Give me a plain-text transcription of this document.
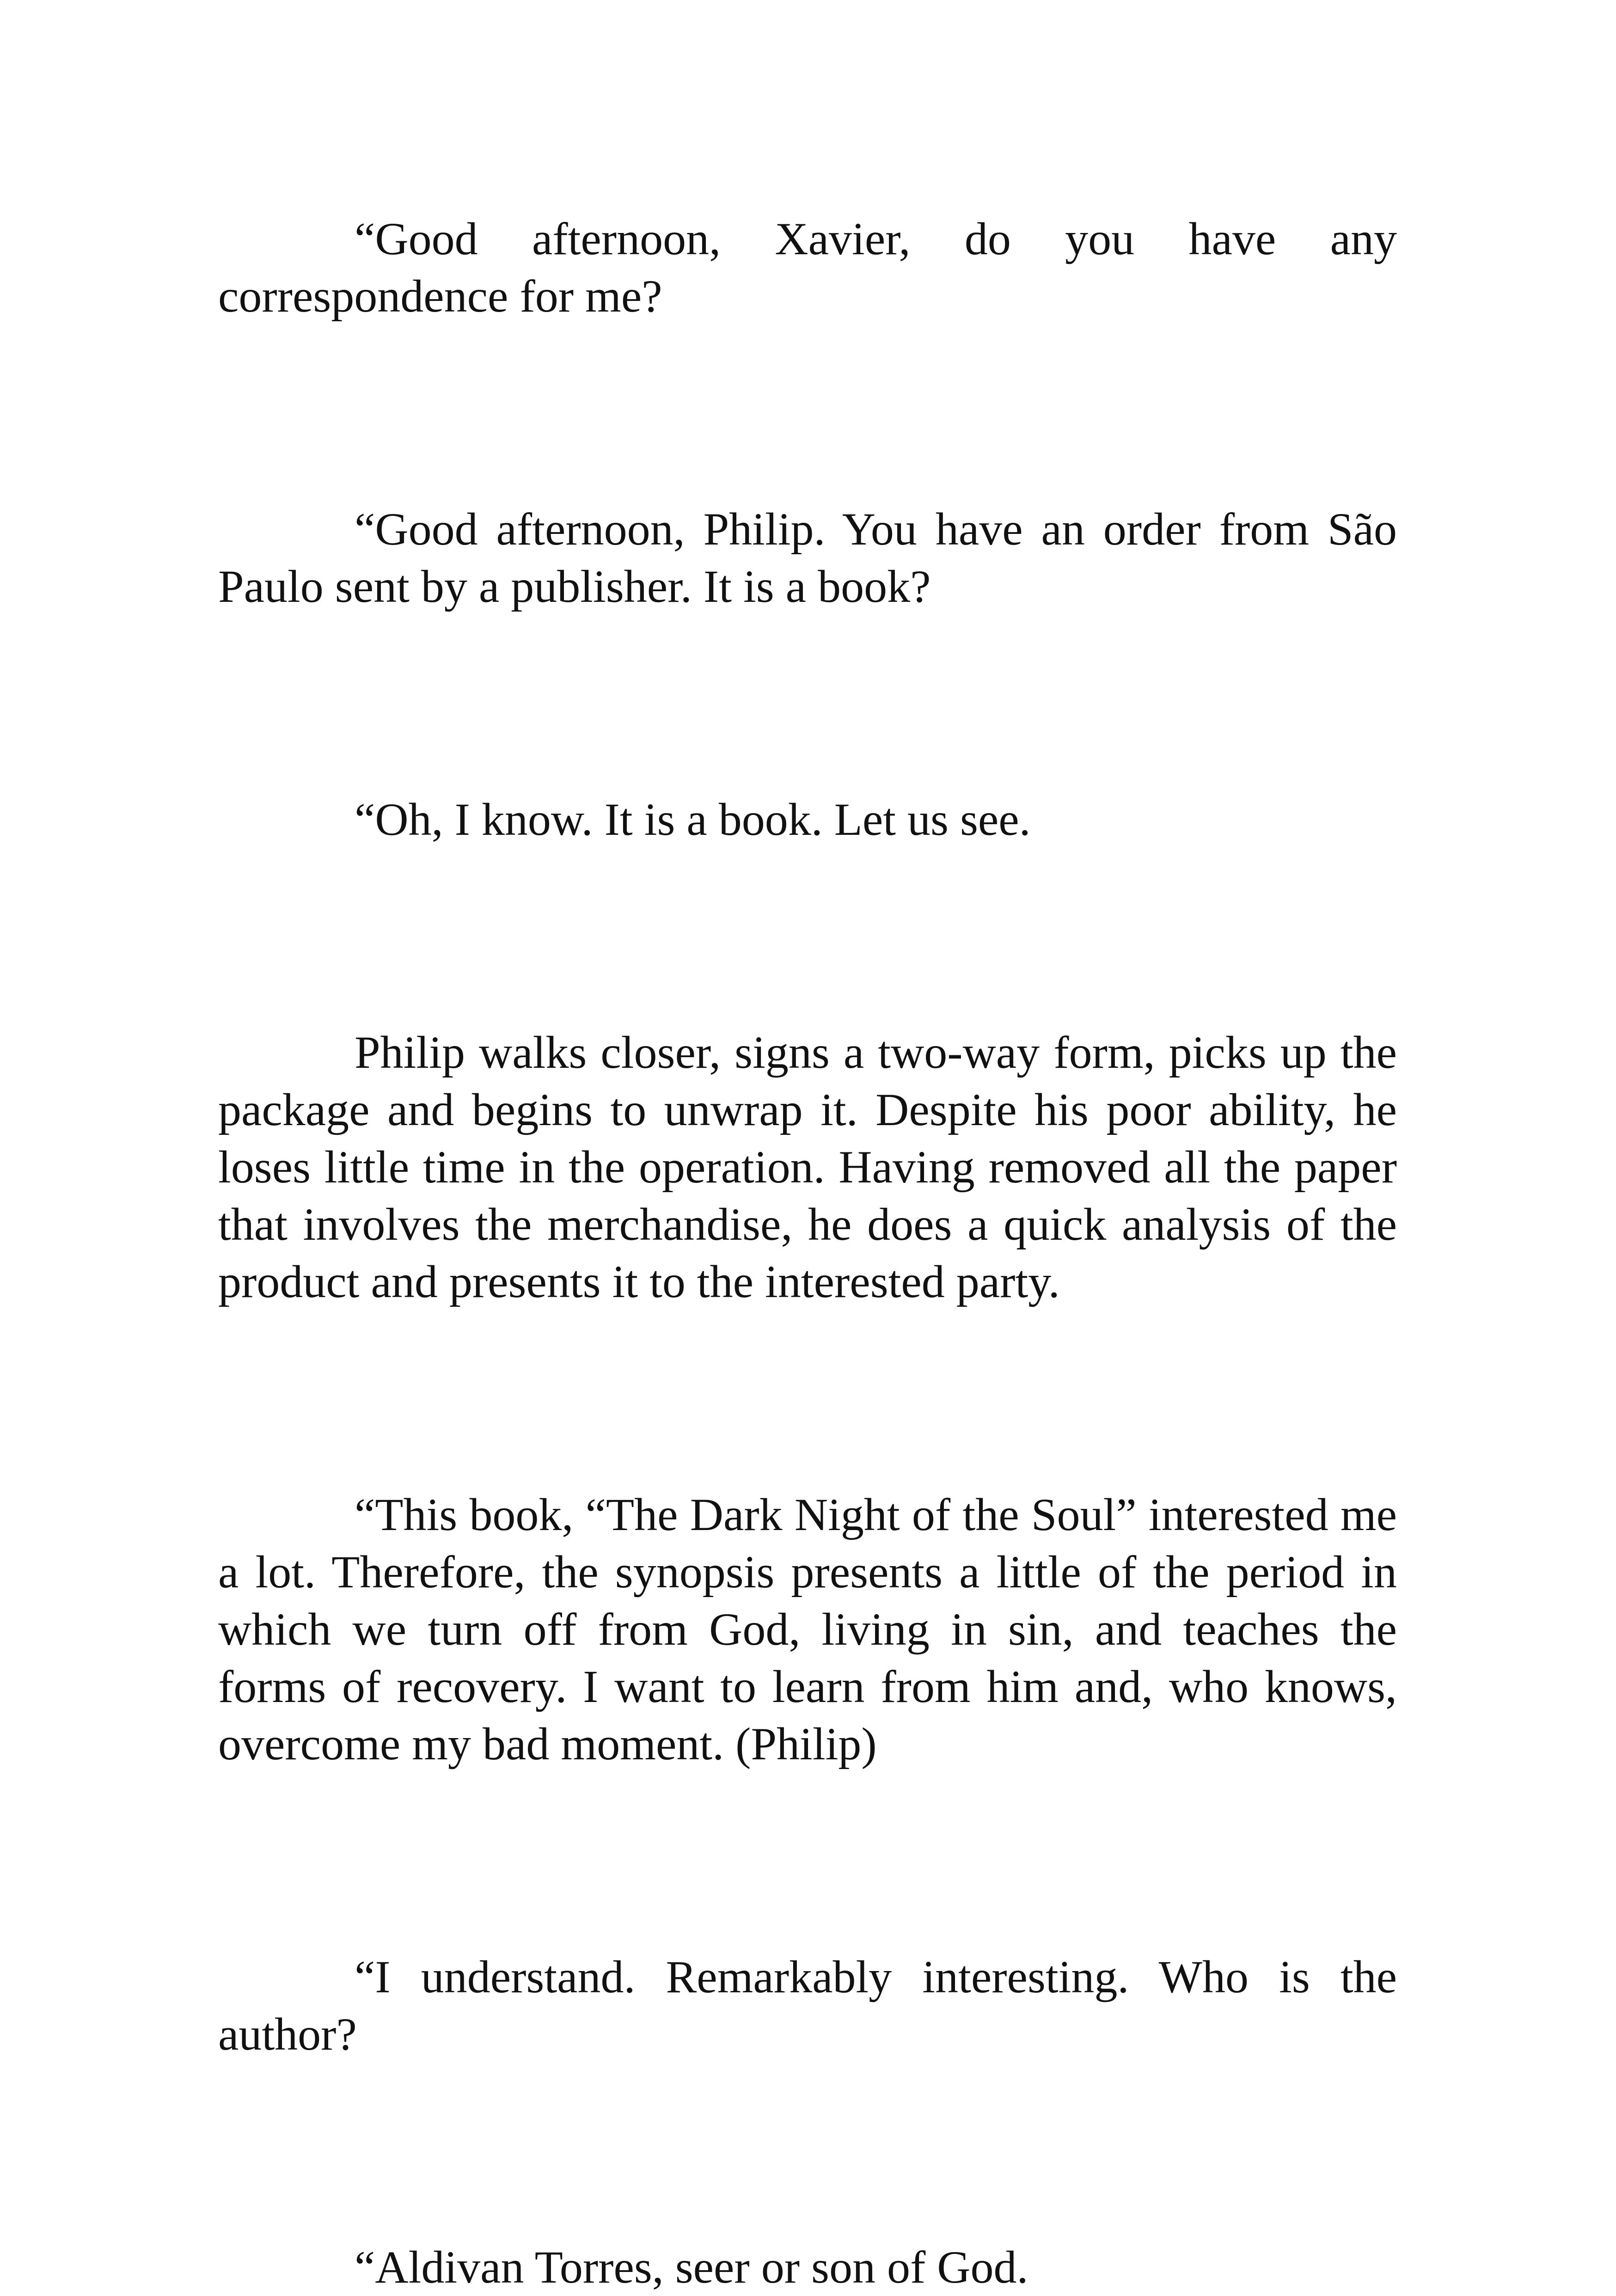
“Good afternoon, Xavier, do you have any correspondence for me?

“Good afternoon, Philip. You have an order from São Paulo sent by a publisher. It is a book?

“Oh, I know. It is a book. Let us see.

Philip walks closer, signs a two-way form, picks up the package and begins to unwrap it. Despite his poor ability, he loses little time in the operation. Having removed all the paper that involves the merchandise, he does a quick analysis of the product and presents it to the interested party.

“This book, “The Dark Night of the Soul” interested me a lot. Therefore, the synopsis presents a little of the period in which we turn off from God, living in sin, and teaches the forms of recovery. I want to learn from him and, who knows, overcome my bad moment. (Philip)

“I understand. Remarkably interesting. Who is the author?

“Aldivan Torres, seer or son of God.
